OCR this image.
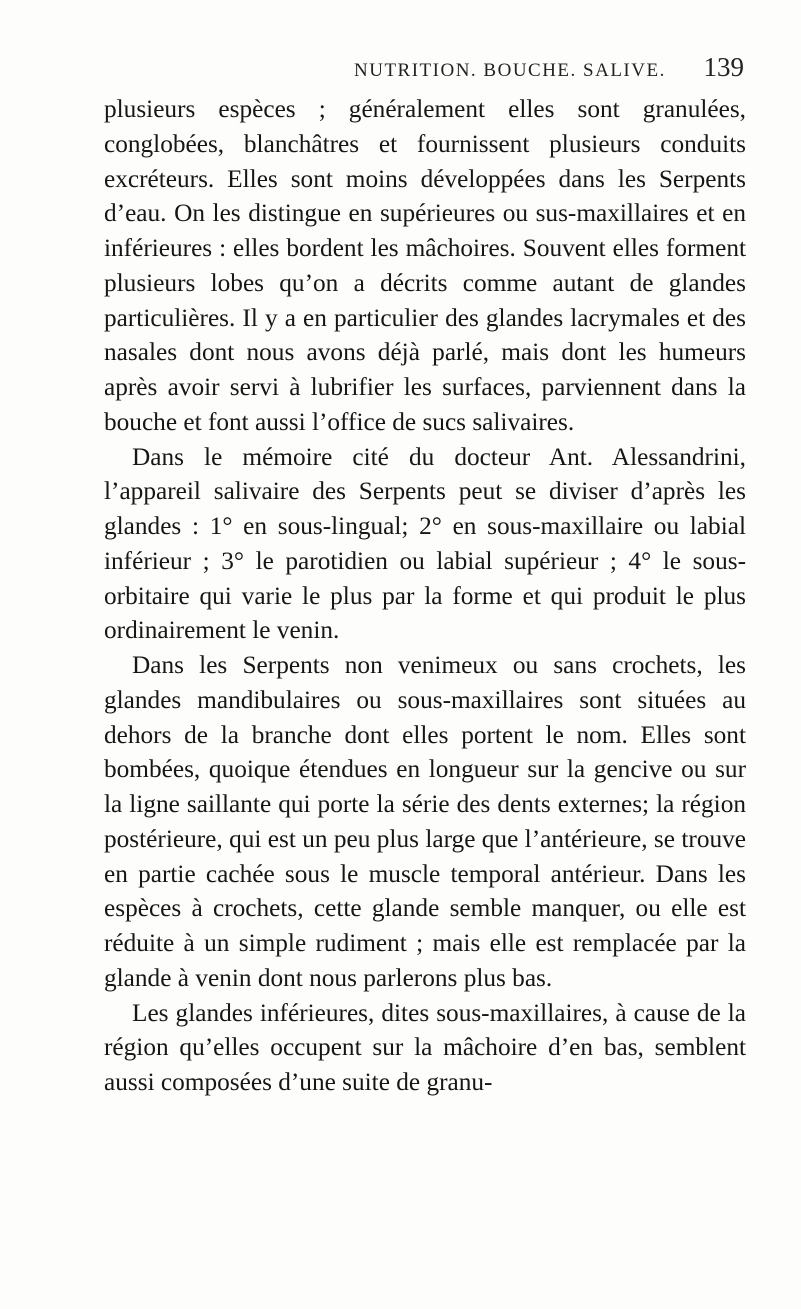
NUTRITION. BOUCHE. SALIVE. 139

plusieurs espèces ; généralement elles sont granulées, conglobées, blanchâtres et fournissent plusieurs conduits excréteurs. Elles sont moins développées dans les Serpents d’eau. On les distingue en supérieures ou sus-maxillaires et en inférieures : elles bordent les mâchoires. Souvent elles forment plusieurs lobes qu’on a décrits comme autant de glandes particulières. Il y a en particulier des glandes lacrymales et des nasales dont nous avons déjà parlé, mais dont les humeurs après avoir servi à lubrifier les surfaces, parviennent dans la bouche et font aussi l’office de sucs salivaires.

Dans le mémoire cité du docteur Ant. Alessandrini, l’appareil salivaire des Serpents peut se diviser d’après les glandes : 1° en sous-lingual; 2° en sous-maxillaire ou labial inférieur ; 3° le parotidien ou labial supérieur ; 4° le sous-orbitaire qui varie le plus par la forme et qui produit le plus ordinairement le venin.

Dans les Serpents non venimeux ou sans crochets, les glandes mandibulaires ou sous-maxillaires sont situées au dehors de la branche dont elles portent le nom. Elles sont bombées, quoique étendues en longueur sur la gencive ou sur la ligne saillante qui porte la série des dents externes; la région postérieure, qui est un peu plus large que l’antérieure, se trouve en partie cachée sous le muscle temporal antérieur. Dans les espèces à crochets, cette glande semble manquer, ou elle est réduite à un simple rudiment ; mais elle est remplacée par la glande à venin dont nous parlerons plus bas.

Les glandes inférieures, dites sous-maxillaires, à cause de la région qu’elles occupent sur la mâchoire d’en bas, semblent aussi composées d’une suite de granu-
